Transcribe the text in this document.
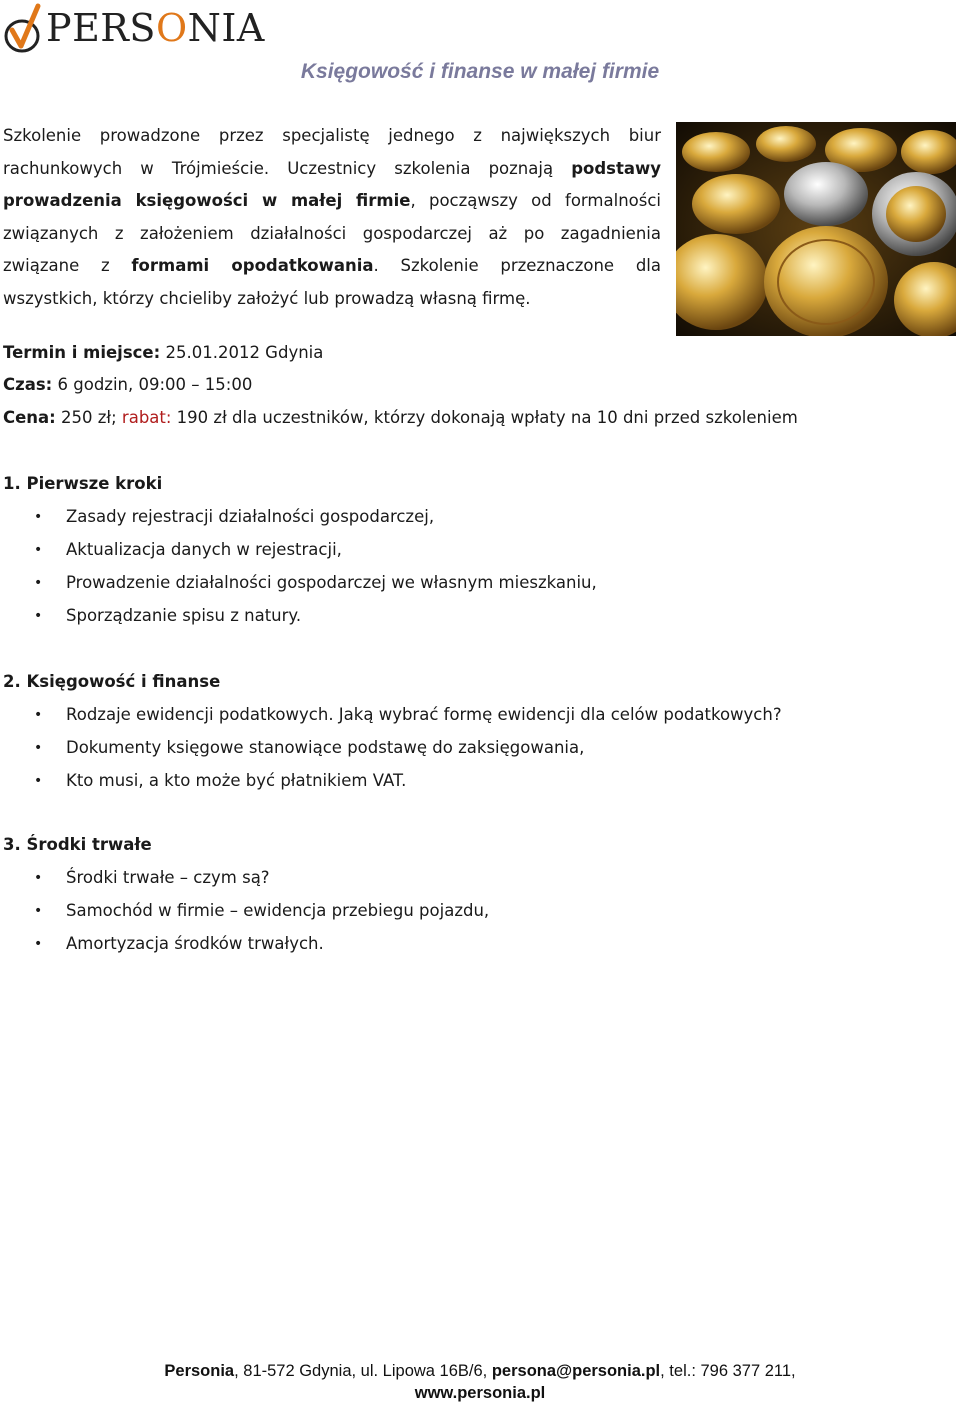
PERSONIA
Księgowość i finanse w małej firmie
Szkolenie prowadzone przez specjalistę jednego z największych biur rachunkowych w Trójmieście. Uczestnicy szkolenia poznają podstawy prowadzenia księgowości w małej firmie, począwszy od formalności związanych z założeniem działalności gospodarczej aż po zagadnienia związane z formami opodatkowania. Szkolenie przeznaczone dla wszystkich, którzy chcieliby założyć lub prowadzą własną firmę.
Termin i miejsce: 25.01.2012 Gdynia
Czas: 6 godzin, 09:00 – 15:00
Cena: 250 zł; rabat: 190 zł dla uczestników, którzy dokonają wpłaty na 10 dni przed szkoleniem
1. Pierwsze kroki
• Zasady rejestracji działalności gospodarczej,
• Aktualizacja danych w rejestracji,
• Prowadzenie działalności gospodarczej we własnym mieszkaniu,
• Sporządzanie spisu z natury.
2. Księgowość i finanse
• Rodzaje ewidencji podatkowych. Jaką wybrać formę ewidencji dla celów podatkowych?
• Dokumenty księgowe stanowiące podstawę do zaksięgowania,
• Kto musi, a kto może być płatnikiem VAT.
3. Środki trwałe
• Środki trwałe – czym są?
• Samochód w firmie – ewidencja przebiegu pojazdu,
• Amortyzacja środków trwałych.
Personia, 81-572 Gdynia, ul. Lipowa 16B/6, persona@personia.pl, tel.: 796 377 211,
www.personia.pl
